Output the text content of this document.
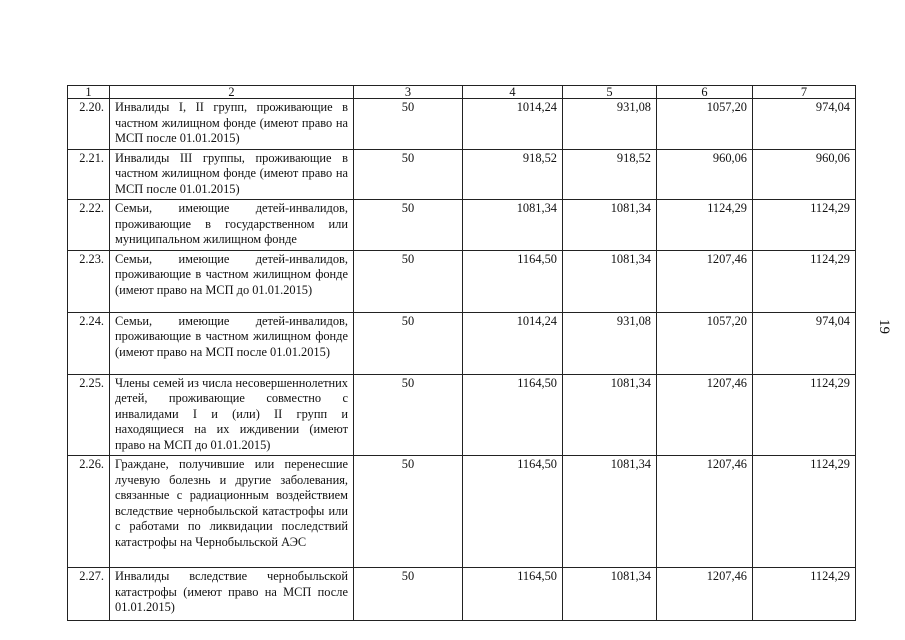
1	2	3	4	5	6	7
2.20.	Инвалиды I, II групп, проживающие в частном жилищном фонде (имеют право на МСП после 01.01.2015)	50	1014,24	931,08	1057,20	974,04
2.21.	Инвалиды III группы, проживающие в частном жилищном фонде (имеют право на МСП после 01.01.2015)	50	918,52	918,52	960,06	960,06
2.22.	Семьи, имеющие детей-инвалидов, проживающие в государственном или муниципальном жилищном фонде	50	1081,34	1081,34	1124,29	1124,29
2.23.	Семьи, имеющие детей-инвалидов, проживающие в частном жилищном фонде (имеют право на МСП до 01.01.2015)	50	1164,50	1081,34	1207,46	1124,29
2.24.	Семьи, имеющие детей-инвалидов, проживающие в частном жилищном фонде (имеют право на МСП после 01.01.2015)	50	1014,24	931,08	1057,20	974,04
2.25.	Члены семей из числа несовершеннолетних детей, проживающие совместно с инвалидами I и (или) II групп и находящиеся на их иждивении (имеют право на МСП до 01.01.2015)	50	1164,50	1081,34	1207,46	1124,29
2.26.	Граждане, получившие или перенесшие лучевую болезнь и другие заболевания, связанные с радиационным воздействием вследствие чернобыльской катастрофы или с работами по ликвидации последствий катастрофы на Чернобыльской АЭС	50	1164,50	1081,34	1207,46	1124,29
2.27.	Инвалиды вследствие чернобыльской катастрофы (имеют право на МСП после 01.01.2015)	50	1164,50	1081,34	1207,46	1124,29
19
